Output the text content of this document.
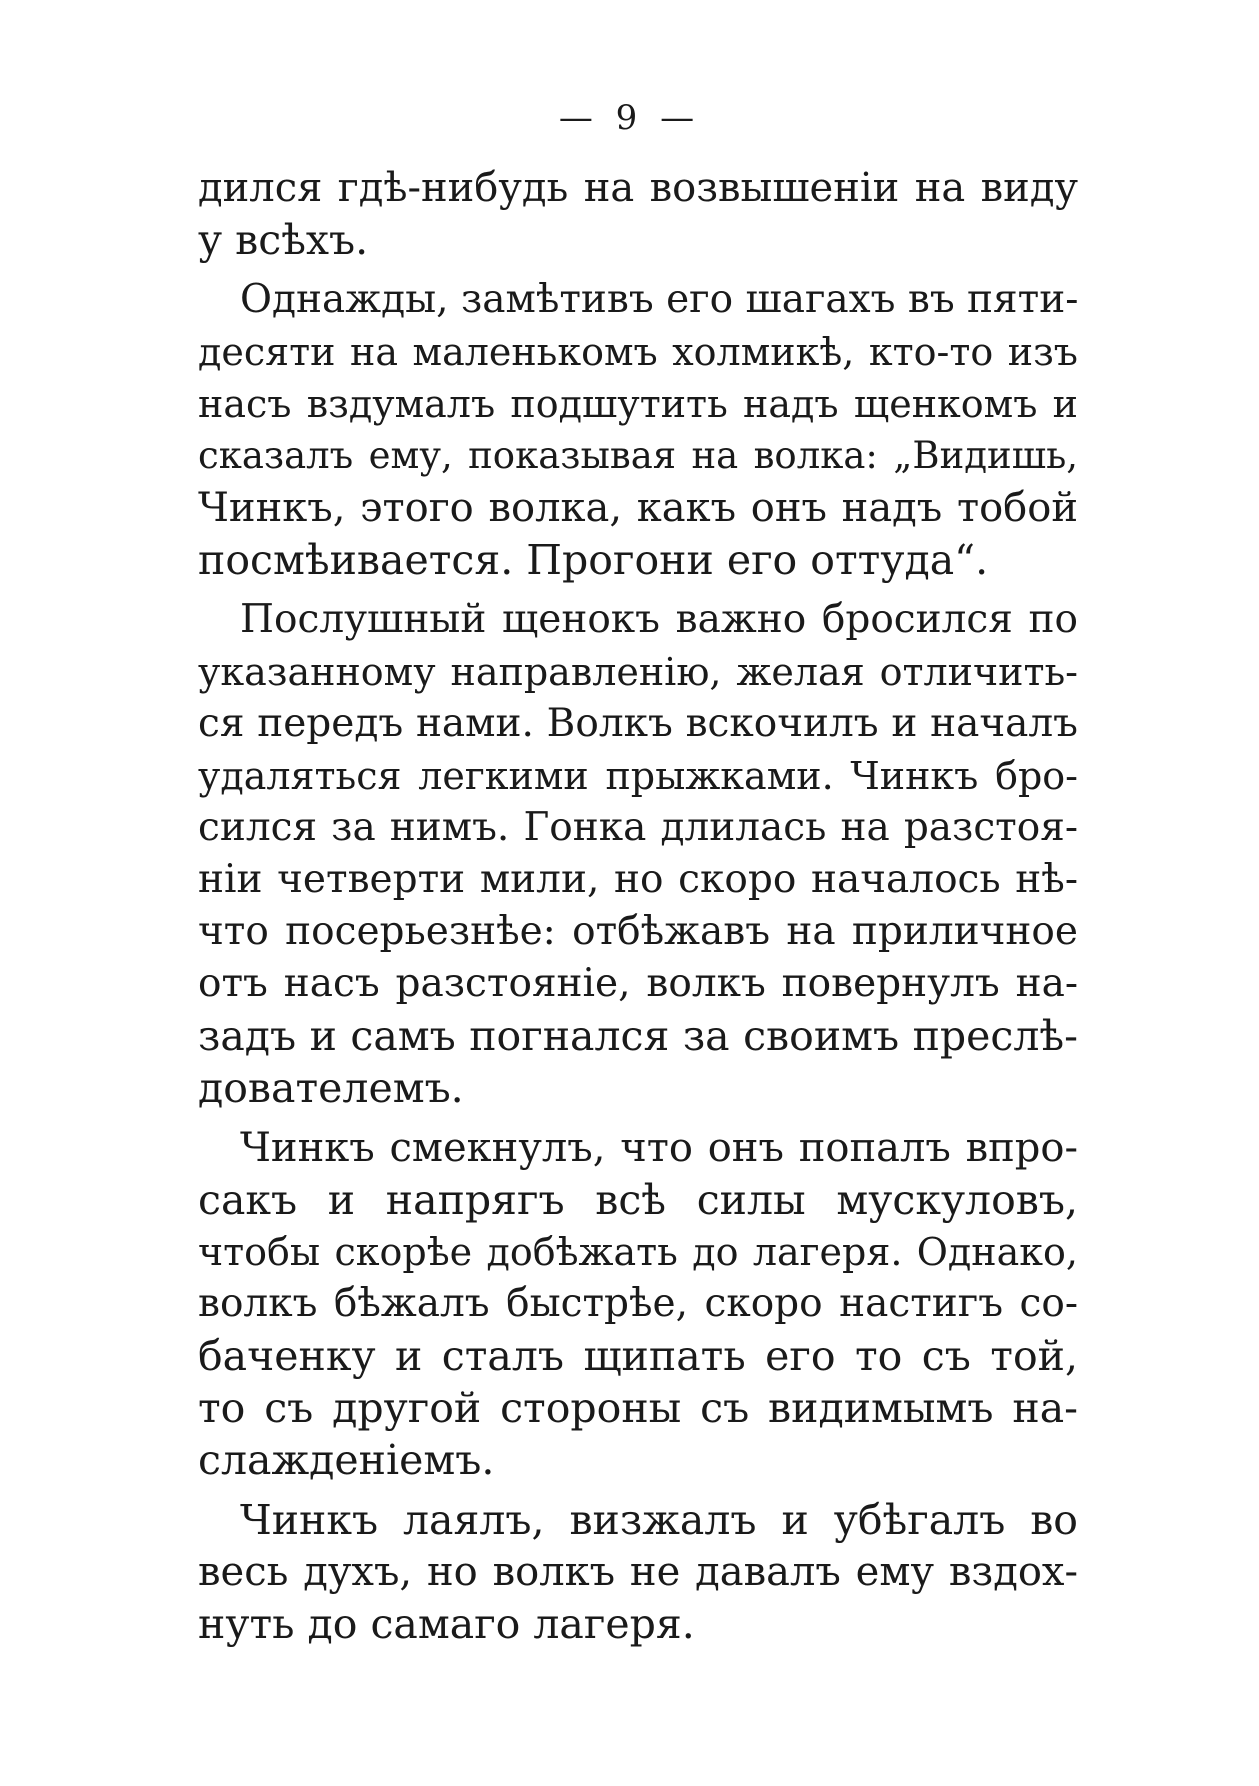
— 9 —
дился гдѣ-нибудь на возвышенiи на виду
у всѣхъ.
Однажды, замѣтивъ его шагахъ въ пяти-
десяти на маленькомъ холмикѣ, кто-то изъ
насъ вздумалъ подшутить надъ щенкомъ и
сказалъ ему, показывая на волка: „Видишь,
Чинкъ, этого волка, какъ онъ надъ тобой
посмѣивается. Прогони его оттуда“.
Послушный щенокъ важно бросился по
указанному направленiю, желая отличить-
ся передъ нами. Волкъ вскочилъ и началъ
удаляться легкими прыжками. Чинкъ бро-
сился за нимъ. Гонка длилась на разстоя-
нiи четверти мили, но скоро началось нѣ-
что посерьезнѣе: отбѣжавъ на приличное
отъ насъ разстоянiе, волкъ повернулъ на-
задъ и самъ погнался за своимъ преслѣ-
дователемъ.
Чинкъ смекнулъ, что онъ попалъ впро-
сакъ и напрягъ всѣ силы мускуловъ,
чтобы скорѣе добѣжать до лагеря. Однако,
волкъ бѣжалъ быстрѣе, скоро настигъ со-
баченку и сталъ щипать его то съ той,
то съ другой стороны съ видимымъ на-
слажденiемъ.
Чинкъ лаялъ, визжалъ и убѣгалъ во
весь духъ, но волкъ не давалъ ему вздох-
нуть до самаго лагеря.
